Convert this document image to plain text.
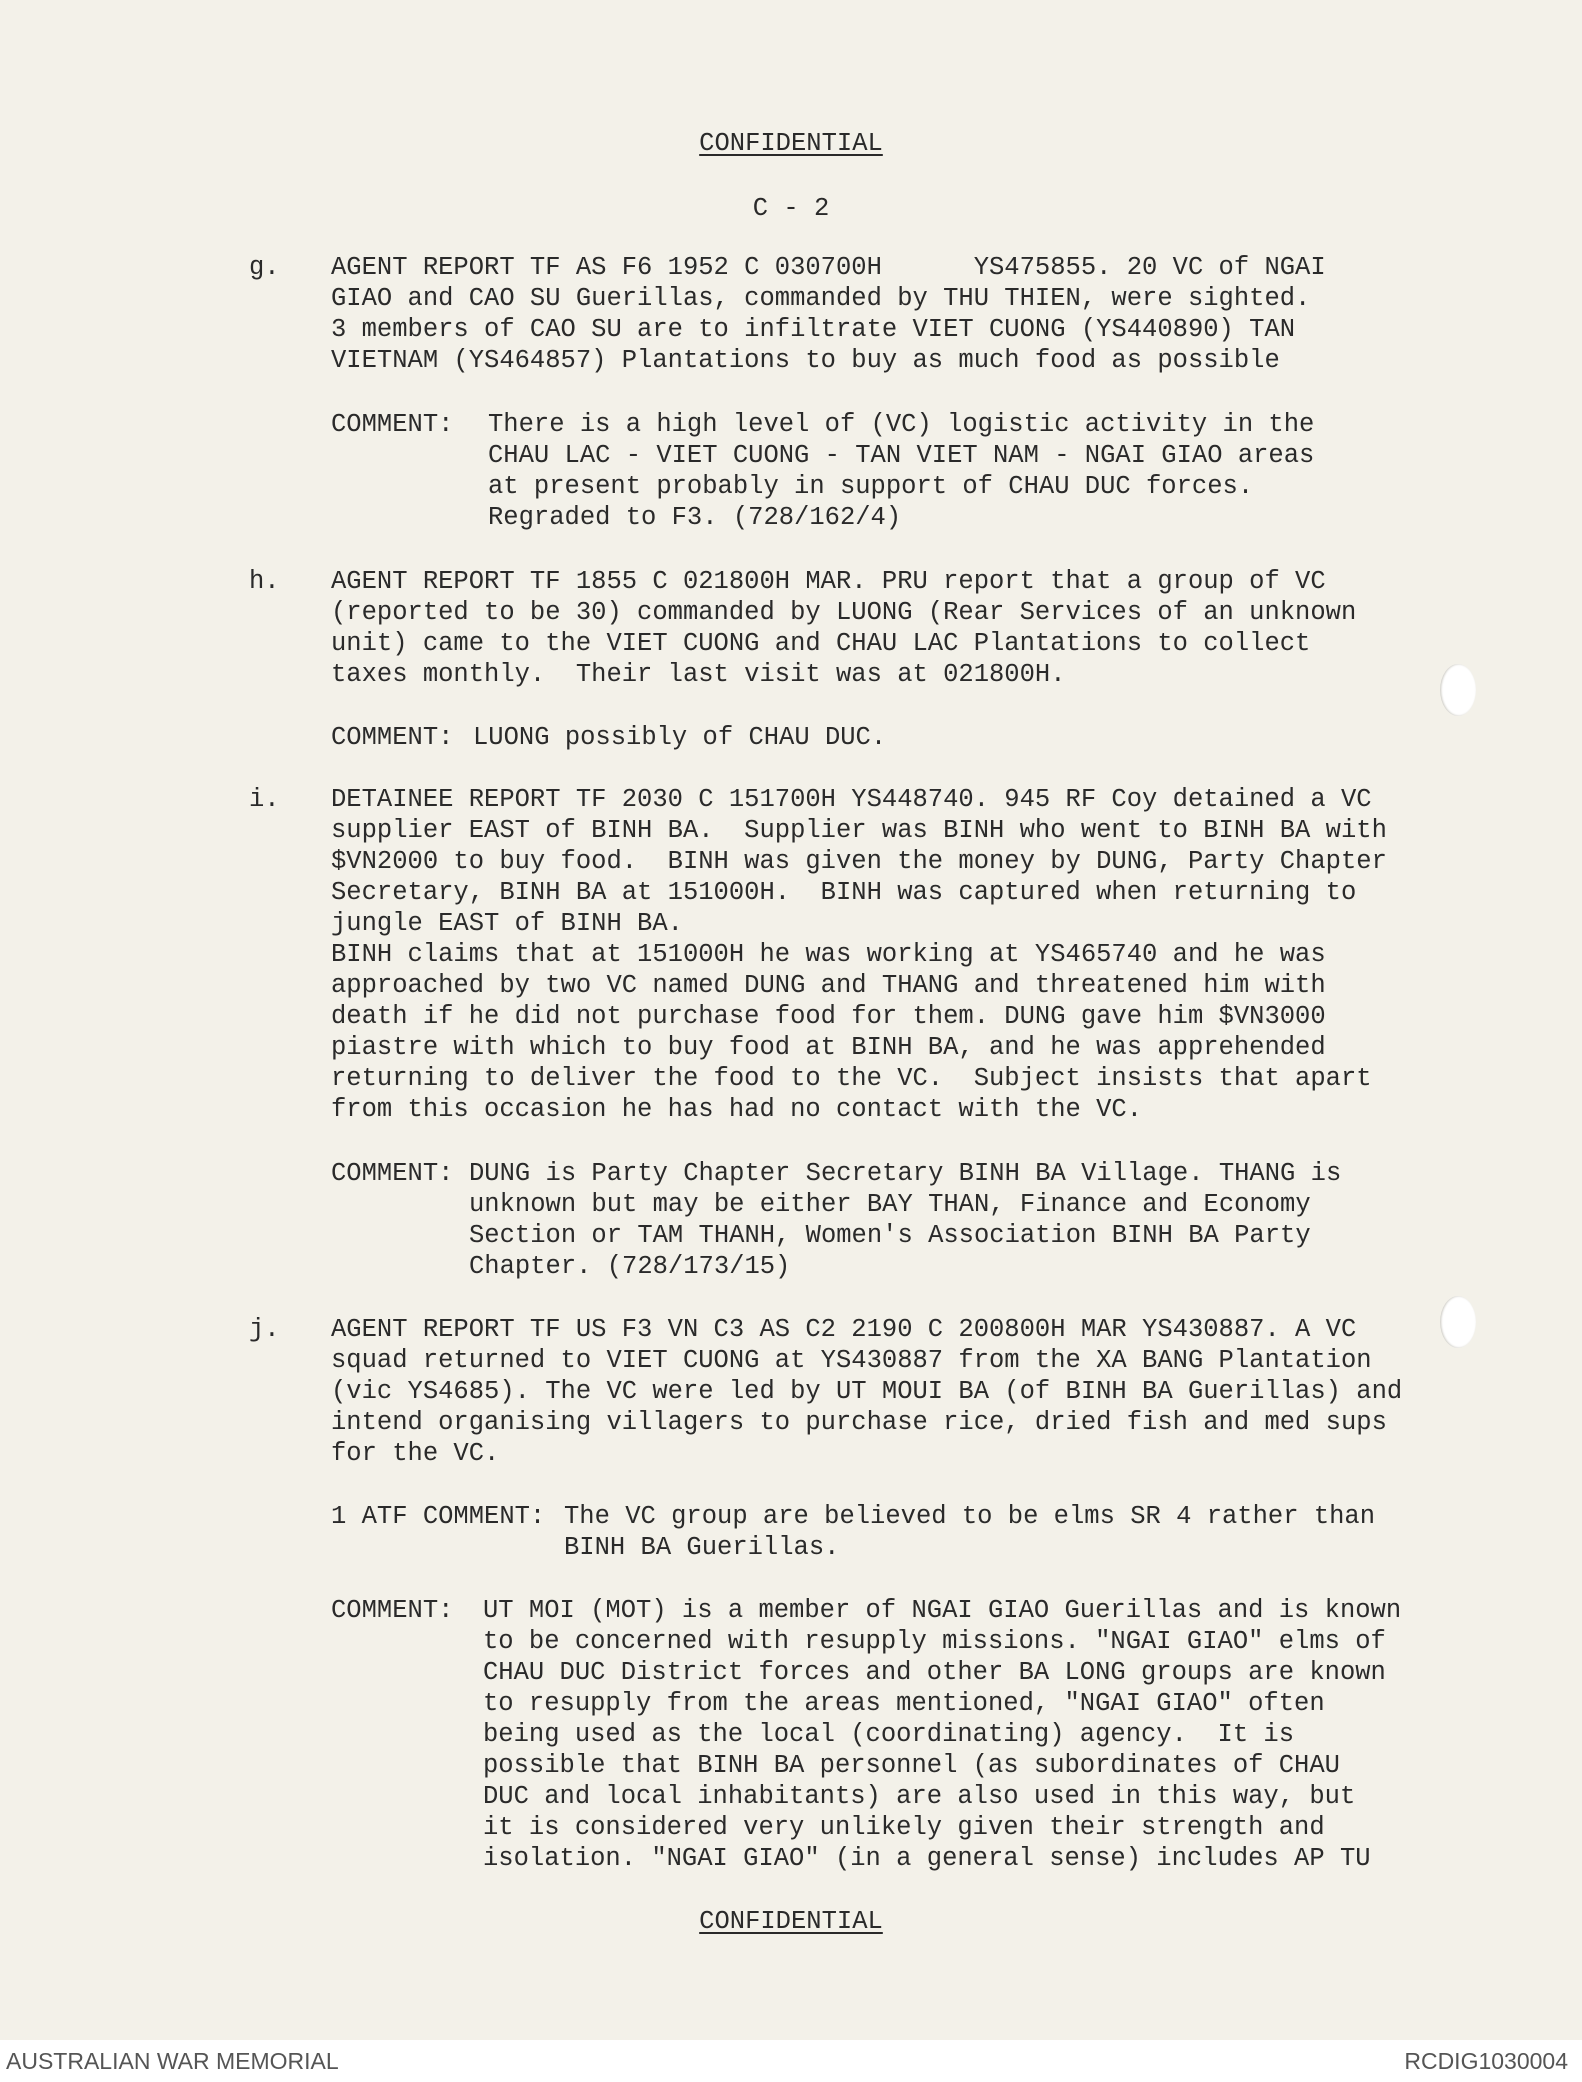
CONFIDENTIAL
C - 2
g. AGENT REPORT TF AS F6 1952 C 030700H      YS475855. 20 VC of NGAI
GIAO and CAO SU Guerillas, commanded by THU THIEN, were sighted.
3 members of CAO SU are to infiltrate VIET CUONG (YS440890) TAN
VIETNAM (YS464857) Plantations to buy as much food as possible
COMMENT: There is a high level of (VC) logistic activity in the
CHAU LAC - VIET CUONG - TAN VIET NAM - NGAI GIAO areas
at present probably in support of CHAU DUC forces.
Regraded to F3. (728/162/4)
h. AGENT REPORT TF 1855 C 021800H MAR. PRU report that a group of VC
(reported to be 30) commanded by LUONG (Rear Services of an unknown
unit) came to the VIET CUONG and CHAU LAC Plantations to collect
taxes monthly.  Their last visit was at 021800H.
COMMENT: LUONG possibly of CHAU DUC.
i. DETAINEE REPORT TF 2030 C 151700H YS448740. 945 RF Coy detained a VC
supplier EAST of BINH BA.  Supplier was BINH who went to BINH BA with
$VN2000 to buy food.  BINH was given the money by DUNG, Party Chapter
Secretary, BINH BA at 151000H.  BINH was captured when returning to
jungle EAST of BINH BA.
BINH claims that at 151000H he was working at YS465740 and he was
approached by two VC named DUNG and THANG and threatened him with
death if he did not purchase food for them. DUNG gave him $VN3000
piastre with which to buy food at BINH BA, and he was apprehended
returning to deliver the food to the VC.  Subject insists that apart
from this occasion he has had no contact with the VC.
COMMENT: DUNG is Party Chapter Secretary BINH BA Village. THANG is
unknown but may be either BAY THAN, Finance and Economy
Section or TAM THANH, Women's Association BINH BA Party
Chapter. (728/173/15)
j. AGENT REPORT TF US F3 VN C3 AS C2 2190 C 200800H MAR YS430887. A VC
squad returned to VIET CUONG at YS430887 from the XA BANG Plantation
(vic YS4685). The VC were led by UT MOUI BA (of BINH BA Guerillas) and
intend organising villagers to purchase rice, dried fish and med sups
for the VC.
1 ATF COMMENT: The VC group are believed to be elms SR 4 rather than
BINH BA Guerillas.
COMMENT: UT MOI (MOT) is a member of NGAI GIAO Guerillas and is known
to be concerned with resupply missions. "NGAI GIAO" elms of
CHAU DUC District forces and other BA LONG groups are known
to resupply from the areas mentioned, "NGAI GIAO" often
being used as the local (coordinating) agency.  It is
possible that BINH BA personnel (as subordinates of CHAU
DUC and local inhabitants) are also used in this way, but
it is considered very unlikely given their strength and
isolation. "NGAI GIAO" (in a general sense) includes AP TU
CONFIDENTIAL
AUSTRALIAN WAR MEMORIAL	RCDIG1030004
